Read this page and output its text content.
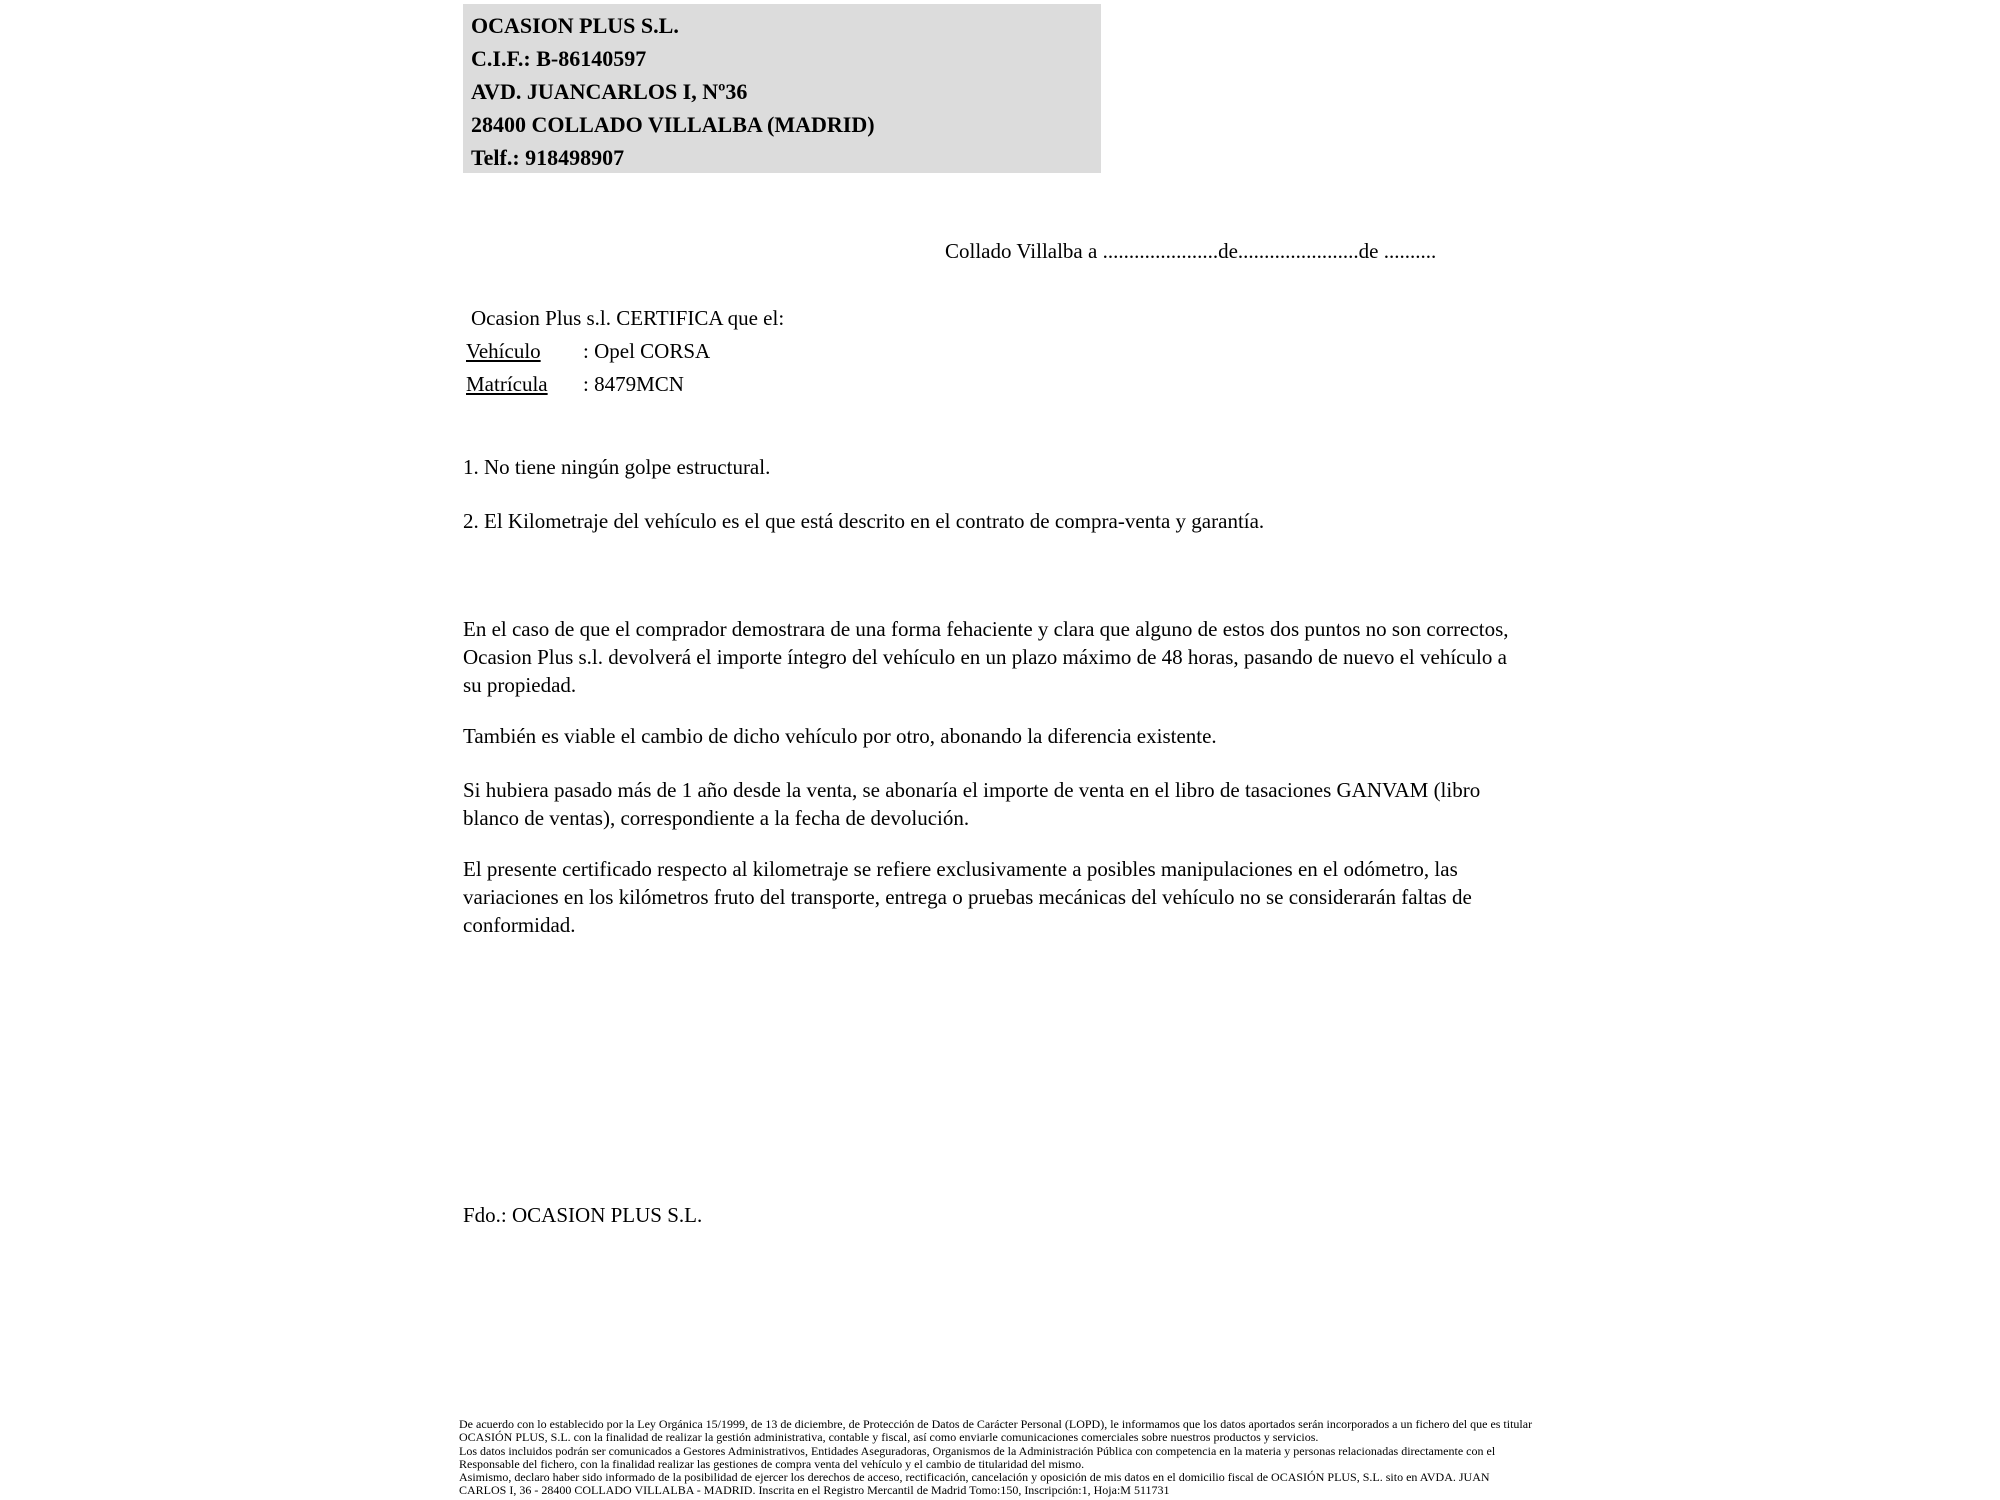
OCASION PLUS S.L.
C.I.F.: B-86140597
AVD. JUANCARLOS I, Nº36
28400 COLLADO VILLALBA (MADRID)
Telf.: 918498907
Collado Villalba a ......................de.......................de ..........
Ocasion Plus s.l. CERTIFICA que el:
Vehículo : Opel CORSA
Matrícula : 8479MCN
1. No tiene ningún golpe estructural.
2. El Kilometraje del vehículo es el que está descrito en el contrato de compra-venta y garantía.
En el caso de que el comprador demostrara de una forma fehaciente y clara que alguno de estos dos puntos no son correctos, Ocasion Plus s.l. devolverá el importe íntegro del vehículo en un plazo máximo de 48 horas, pasando de nuevo el vehículo a su propiedad.
También es viable el cambio de dicho vehículo por otro, abonando la diferencia existente.
Si hubiera pasado más de 1 año desde la venta, se abonaría el importe de venta en el libro de tasaciones GANVAM (libro blanco de ventas), correspondiente a la fecha de devolución.
El presente certificado respecto al kilometraje se refiere exclusivamente a posibles manipulaciones en el odómetro, las variaciones en los kilómetros fruto del transporte, entrega o pruebas mecánicas del vehículo no se considerarán faltas de conformidad.
Fdo.: OCASION PLUS S.L.
De acuerdo con lo establecido por la Ley Orgánica 15/1999, de 13 de diciembre, de Protección de Datos de Carácter Personal (LOPD), le informamos que los datos aportados serán incorporados a un fichero del que es titular
OCASIÓN PLUS, S.L. con la finalidad de realizar la gestión administrativa, contable y fiscal, así como enviarle comunicaciones comerciales sobre nuestros productos y servicios.
Los datos incluidos podrán ser comunicados a Gestores Administrativos, Entidades Aseguradoras, Organismos de la Administración Pública con competencia en la materia y personas relacionadas directamente con el
Responsable del fichero, con la finalidad realizar las gestiones de compra venta del vehículo y el cambio de titularidad del mismo.
Asimismo, declaro haber sido informado de la posibilidad de ejercer los derechos de acceso, rectificación, cancelación y oposición de mis datos en el domicilio fiscal de OCASIÓN PLUS, S.L. sito en AVDA. JUAN
CARLOS I, 36 - 28400 COLLADO VILLALBA - MADRID. Inscrita en el Registro Mercantil de Madrid Tomo:150, Inscripción:1, Hoja:M 511731
